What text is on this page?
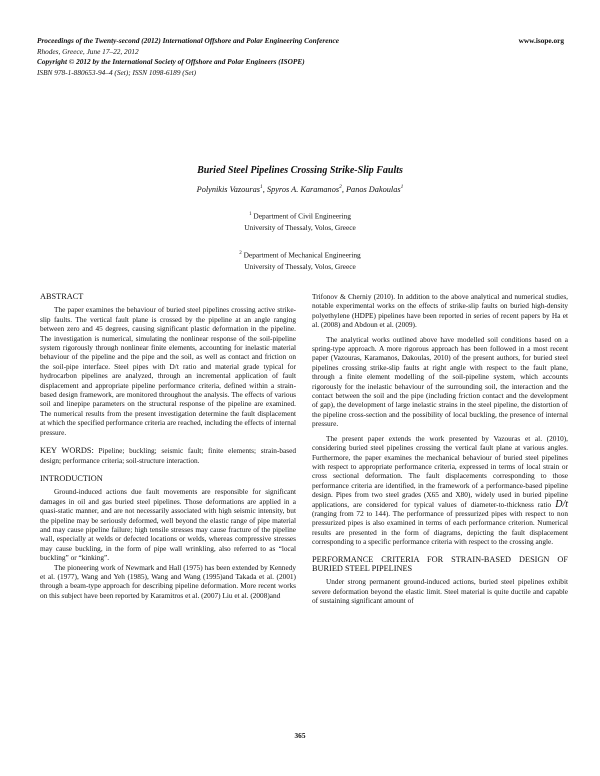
Proceedings of the Twenty-second (2012) International Offshore and Polar Engineering Conference
Rhodes, Greece, June 17–22, 2012
Copyright © 2012 by the International Society of Offshore and Polar Engineers (ISOPE)
ISBN 978-1-880653-94–4 (Set); ISSN 1098-6189 (Set)
www.isope.org
Buried Steel Pipelines Crossing Strike-Slip Faults
Polynikis Vazouras$^1$, Spyros A. Karamanos$^2$, Panos Dakoulas$^1$
$^1$ Department of Civil Engineering
University of Thessaly, Volos, Greece
$^2$ Department of Mechanical Engineering
University of Thessaly, Volos, Greece
ABSTRACT

The paper examines the behaviour of buried steel pipelines crossing active strike-slip faults. The vertical fault plane is crossed by the pipeline at an angle ranging between zero and 45 degrees, causing significant plastic deformation in the pipeline. The investigation is numerical, simulating the nonlinear response of the soil-pipeline system rigorously through nonlinear finite elements, accounting for inelastic material behaviour of the pipeline and the pipe and the soil, as well as contact and friction on the soil-pipe interface. Steel pipes with D/t ratio and material grade typical for hydrocarbon pipelines are analyzed, through an incremental application of fault displacement and appropriate pipeline performance criteria, defined within a strain-based design framework, are monitored throughout the analysis. The effects of various soil and linepipe parameters on the structural response of the pipeline are examined. The numerical results from the present investigation determine the fault displacement at which the specified performance criteria are reached, including the effects of internal pressure.

KEY WORDS: Pipeline; buckling; seismic fault; finite elements; strain-based design; performance criteria; soil-structure interaction.

INTRODUCTION

Ground-induced actions due fault movements are responsible for significant damages in oil and gas buried steel pipelines. Those deformations are applied in a quasi-static manner, and are not necessarily associated with high seismic intensity, but the pipeline may be seriously deformed, well beyond the elastic range of pipe material and may cause pipeline failure; high tensile stresses may cause fracture of the pipeline wall, especially at welds or defected locations or welds, whereas compressive stresses may cause buckling, in the form of pipe wall wrinkling, also referred to as “local buckling” or “kinking”.

The pioneering work of Newmark and Hall (1975) has been extended by Kennedy et al. (1977), Wang and Yeh (1985), Wang and Wang (1995)and Takada et al. (2001) through a beam-type approach for describing pipeline deformation. More recent works on this subject have been reported by Karamitros et al. (2007) Liu et al. (2008)and

Trifonov & Cherniy (2010). In addition to the above analytical and numerical studies, notable experimental works on the effects of strike-slip faults on buried high-density polyethylene (HDPE) pipelines have been reported in series of recent papers by Ha et al. (2008) and Abdoun et al. (2009).

The analytical works outlined above have modelled soil conditions based on a spring-type approach. A more rigorous approach has been followed in a most recent paper (Vazouras, Karamanos, Dakoulas, 2010) of the present authors, for buried steel pipelines crossing strike-slip faults at right angle with respect to the fault plane, through a finite element modelling of the soil-pipeline system, which accounts rigorously for the inelastic behaviour of the surrounding soil, the interaction and the contact between the soil and the pipe (including friction contact and the development of gap), the development of large inelastic strains in the steel pipeline, the distortion of the pipeline cross-section and the possibility of local buckling, the presence of internal pressure.

The present paper extends the work presented by Vazouras et al. (2010), considering buried steel pipelines crossing the vertical fault plane at various angles. Furthermore, the paper examines the mechanical behaviour of buried steel pipelines with respect to appropriate performance criteria, expressed in terms of local strain or cross sectional deformation. The fault displacements corresponding to those performance criteria are identified, in the framework of a performance-based pipeline design. Pipes from two steel grades (X65 and X80), widely used in buried pipeline applications, are considered for typical values of diameter-to-thickness ratio D/t (ranging from 72 to 144). The performance of pressurized pipes with respect to non pressurized pipes is also examined in terms of each performance criterion. Numerical results are presented in the form of diagrams, depicting the fault displacement corresponding to a specific performance criteria with respect to the crossing angle.

PERFORMANCE CRITERIA FOR STRAIN-BASED DESIGN OF BURIED STEEL PIPELINES

Under strong permanent ground-induced actions, buried steel pipelines exhibit severe deformation beyond the elastic limit. Steel material is quite ductile and capable of sustaining significant amount of

365
